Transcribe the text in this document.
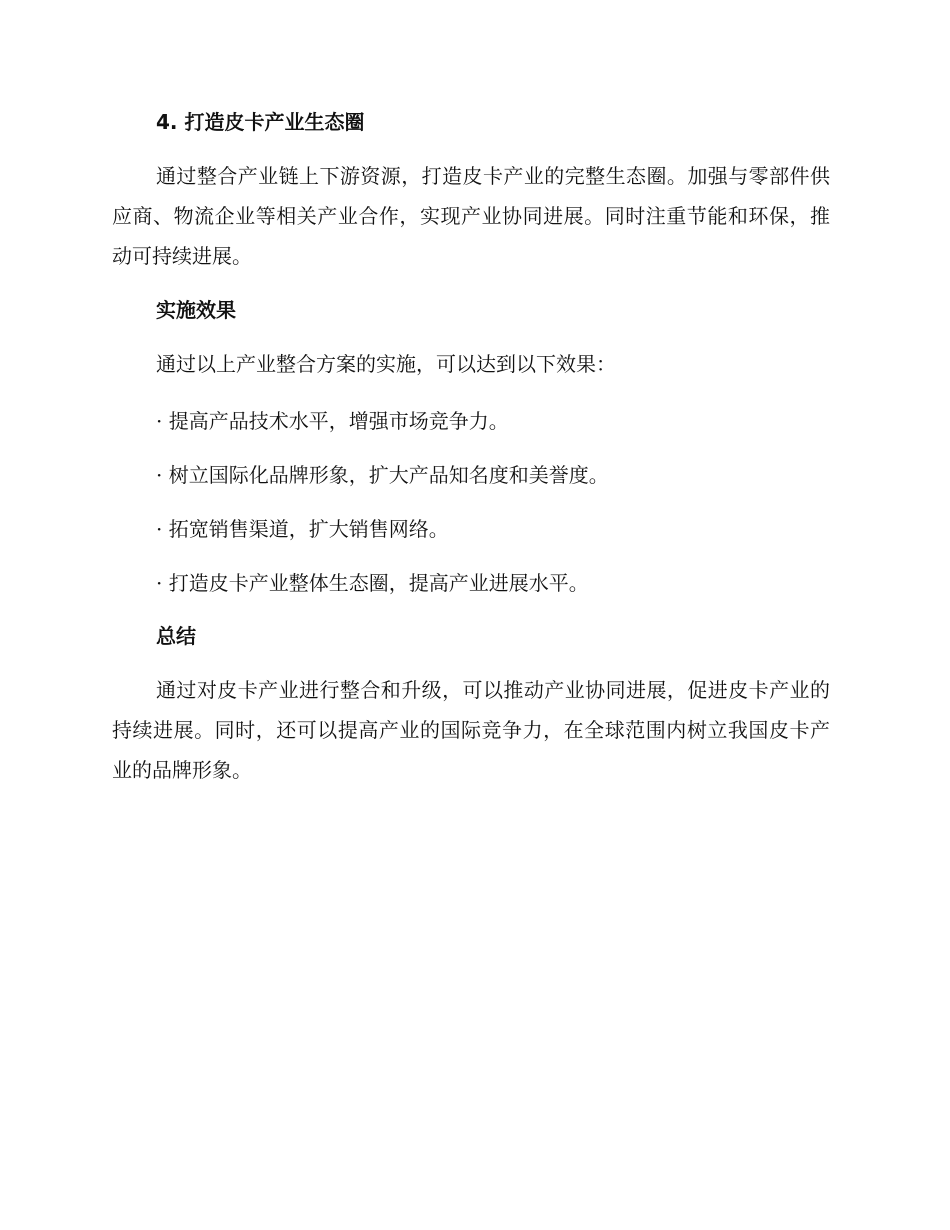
4. 打造皮卡产业生态圈

通过整合产业链上下游资源，打造皮卡产业的完整生态圈。加强与零部件供应商、物流企业等相关产业合作，实现产业协同进展。同时注重节能和环保，推动可持续进展。

实施效果

通过以上产业整合方案的实施，可以达到以下效果：

· 提高产品技术水平，增强市场竞争力。

· 树立国际化品牌形象，扩大产品知名度和美誉度。

· 拓宽销售渠道，扩大销售网络。

· 打造皮卡产业整体生态圈，提高产业进展水平。

总结

通过对皮卡产业进行整合和升级，可以推动产业协同进展，促进皮卡产业的持续进展。同时，还可以提高产业的国际竞争力，在全球范围内树立我国皮卡产业的品牌形象。
